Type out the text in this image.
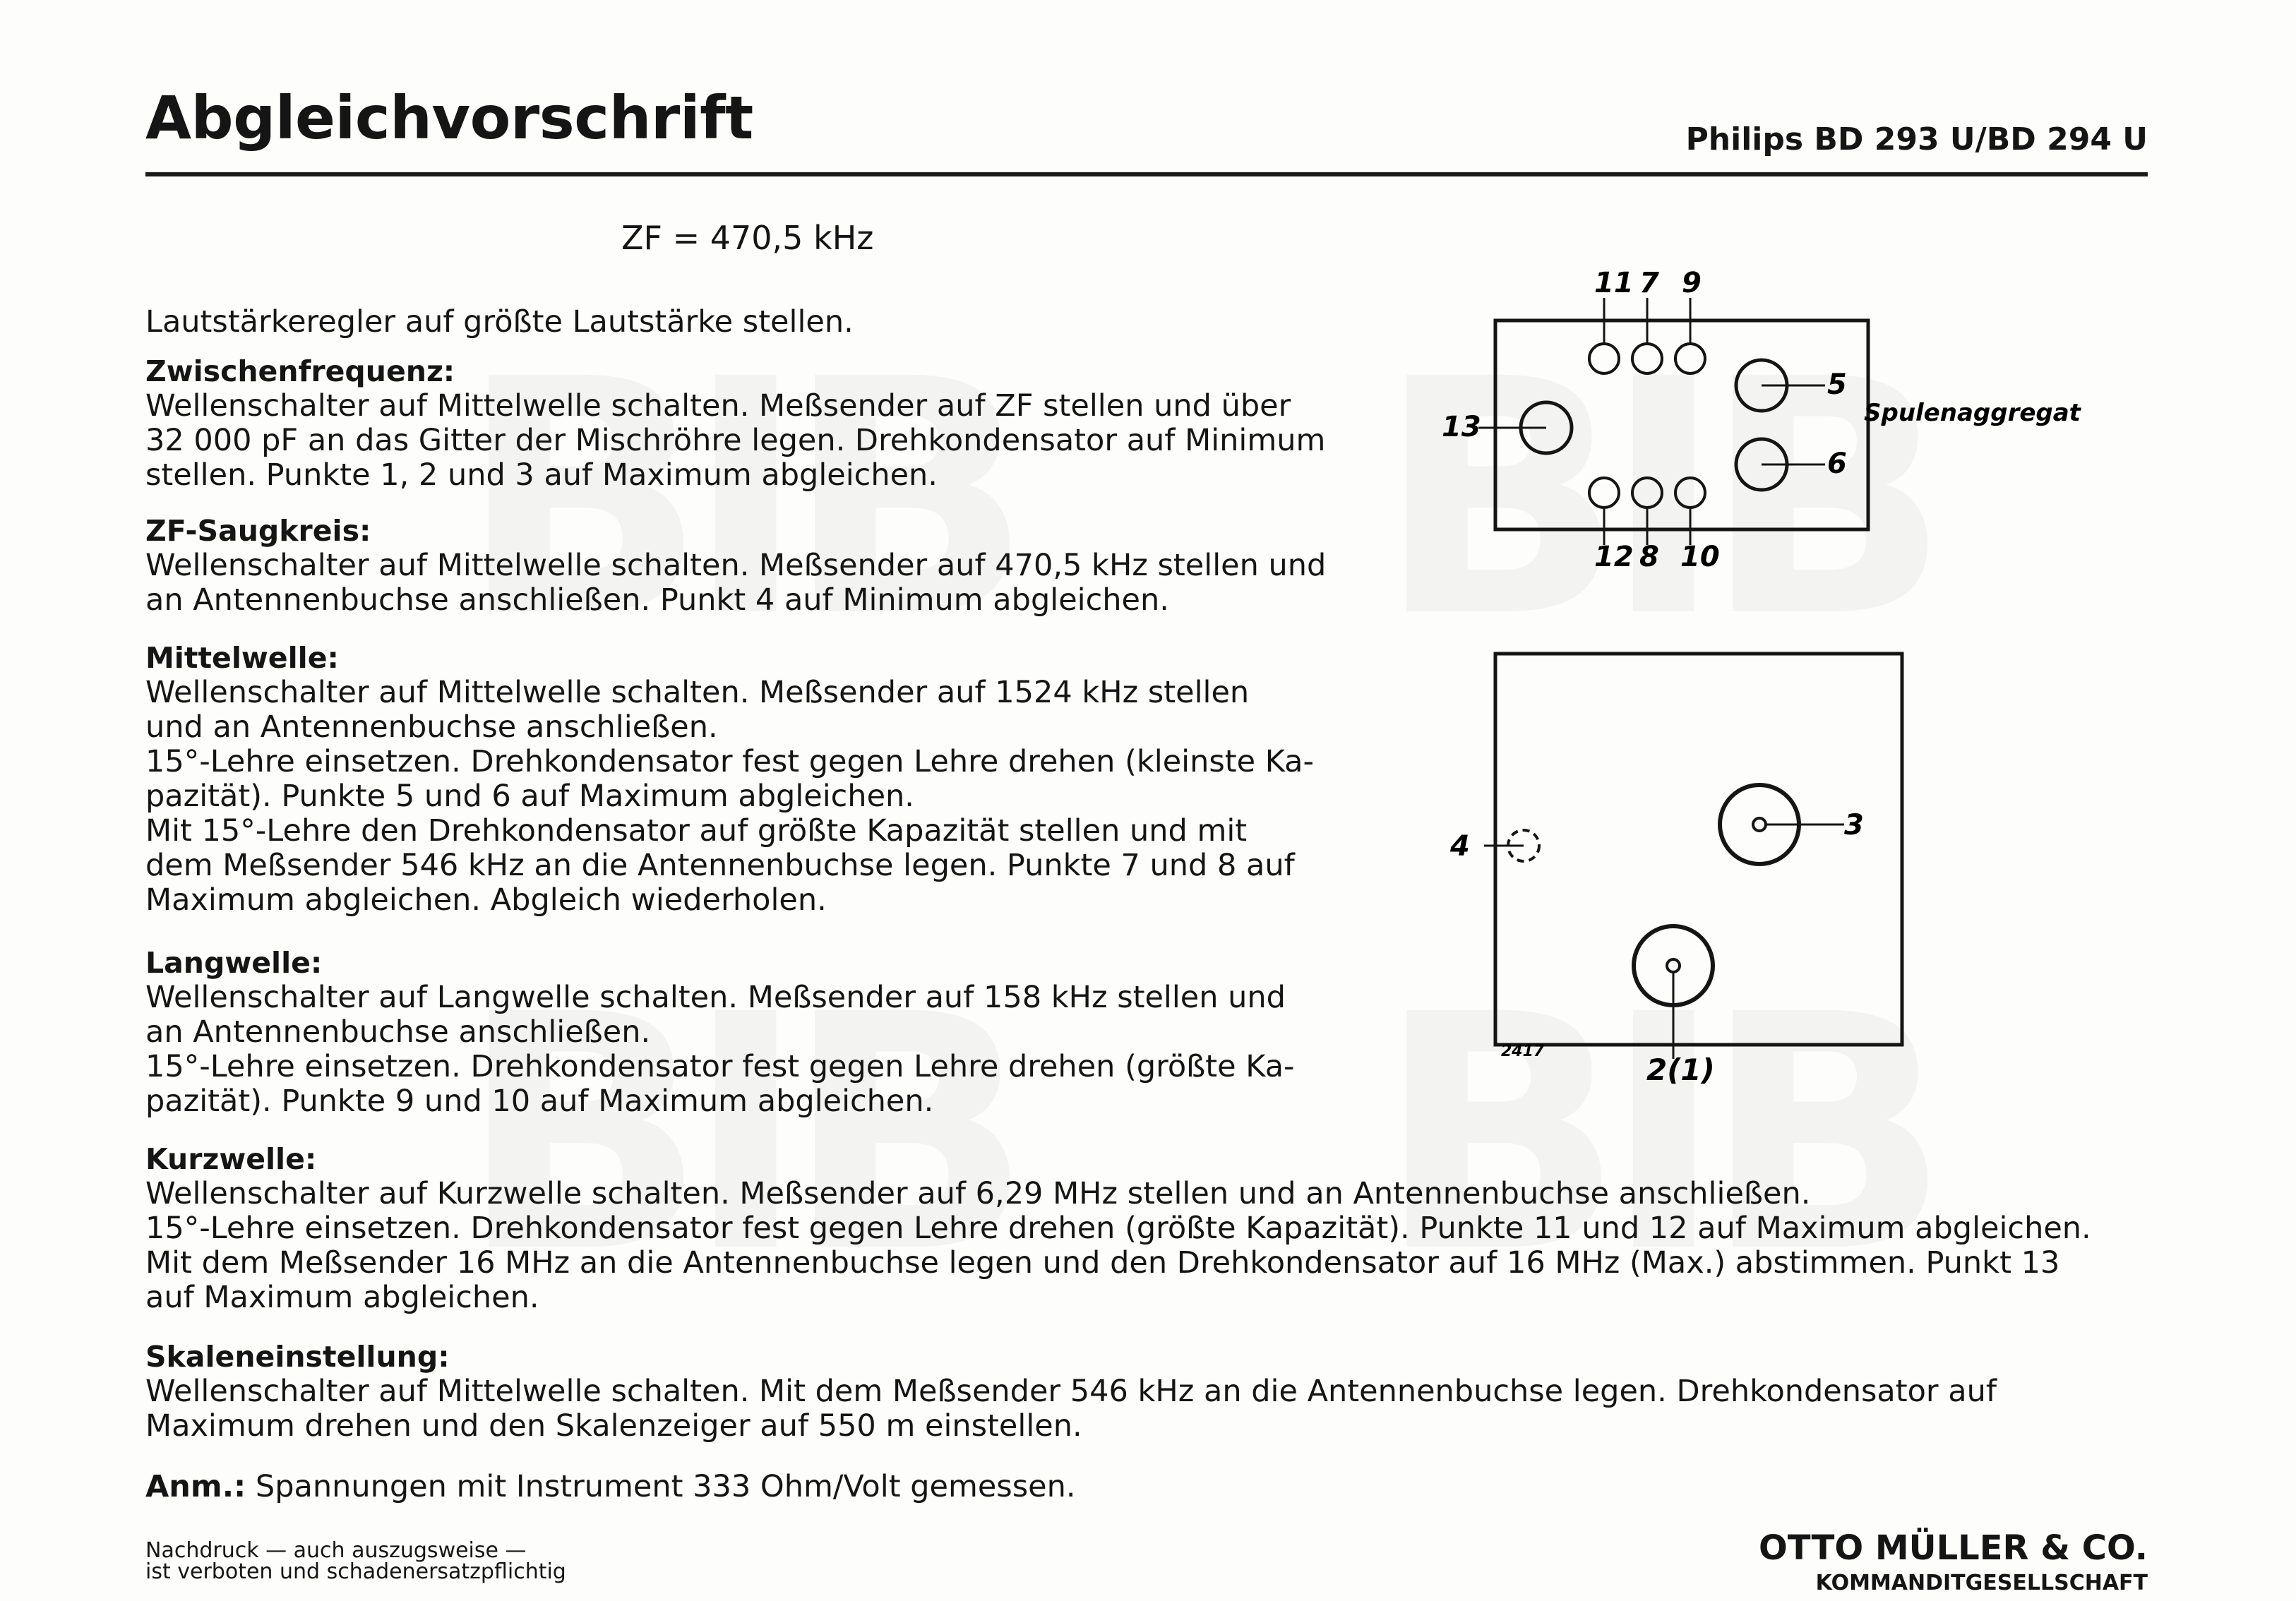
Abgleichvorschrift	Philips BD 293 U/BD 294 U
ZF = 470,5 kHz
Lautstärkeregler auf größte Lautstärke stellen.

Zwischenfrequenz:

Wellenschalter auf Mittelwelle schalten. Meßsender auf ZF stellen und über

32 000 pF an das Gitter der Mischröhre legen. Drehkondensator auf Minimum

stellen. Punkte 1, 2 und 3 auf Maximum abgleichen.

ZF-Saugkreis:

Wellenschalter auf Mittelwelle schalten. Meßsender auf 470,5 kHz stellen und

an Antennenbuchse anschließen. Punkt 4 auf Minimum abgleichen.

Mittelwelle:

Wellenschalter auf Mittelwelle schalten. Meßsender auf 1524 kHz stellen

und an Antennenbuchse anschließen.

15°-Lehre einsetzen. Drehkondensator fest gegen Lehre drehen (kleinste Ka-

pazität). Punkte 5 und 6 auf Maximum abgleichen.

Mit 15°-Lehre den Drehkondensator auf größte Kapazität stellen und mit

dem Meßsender 546 kHz an die Antennenbuchse legen. Punkte 7 und 8 auf

Maximum abgleichen. Abgleich wiederholen.

Langwelle:

Wellenschalter auf Langwelle schalten. Meßsender auf 158 kHz stellen und

an Antennenbuchse anschließen.

15°-Lehre einsetzen. Drehkondensator fest gegen Lehre drehen (größte Ka-

pazität). Punkte 9 und 10 auf Maximum abgleichen.

Kurzwelle:

Wellenschalter auf Kurzwelle schalten. Meßsender auf 6,29 MHz stellen und an Antennenbuchse anschließen.

15°-Lehre einsetzen. Drehkondensator fest gegen Lehre drehen (größte Kapazität). Punkte 11 und 12 auf Maximum abgleichen.

Mit dem Meßsender 16 MHz an die Antennenbuchse legen und den Drehkondensator auf 16 MHz (Max.) abstimmen. Punkt 13

auf Maximum abgleichen.

Skaleneinstellung:

Wellenschalter auf Mittelwelle schalten. Mit dem Meßsender 546 kHz an die Antennenbuchse legen. Drehkondensator auf

Maximum drehen und den Skalenzeiger auf 550 m einstellen.

Anm.: Spannungen mit Instrument 333 Ohm/Volt gemessen.
11 7 9
12 8 10
13
5
6
Spulenaggregat
4
3
2(1)
2417
Nachdruck — auch auszugsweise —
ist verboten und schadenersatzpflichtig
OTTO MÜLLER & CO.
KOMMANDITGESELLSCHAFT
